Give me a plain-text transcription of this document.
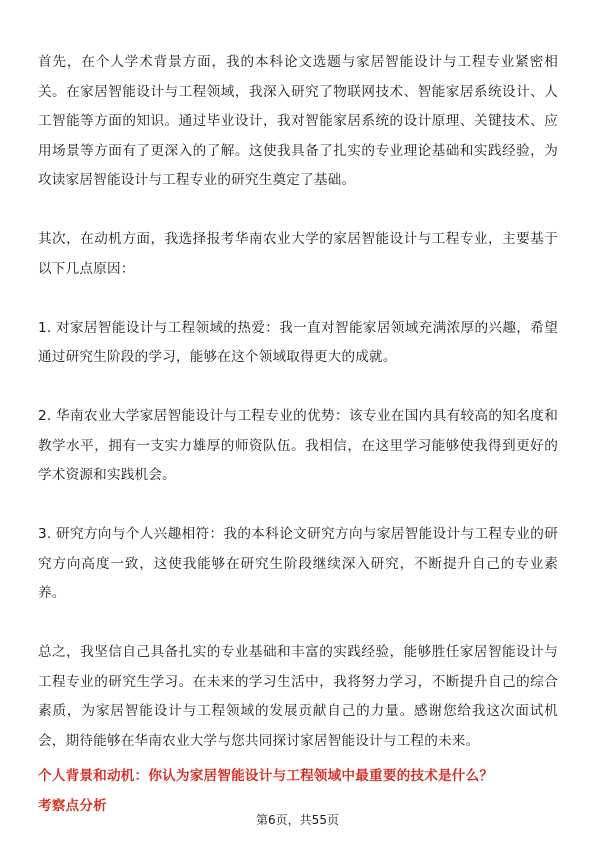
首先，在个人学术背景方面，我的本科论文选题与家居智能设计与工程专业紧密相关。在家居智能设计与工程领域，我深入研究了物联网技术、智能家居系统设计、人工智能等方面的知识。通过毕业设计，我对智能家居系统的设计原理、关键技术、应用场景等方面有了更深入的了解。这使我具备了扎实的专业理论基础和实践经验，为攻读家居智能设计与工程专业的研究生奠定了基础。

其次，在动机方面，我选择报考华南农业大学的家居智能设计与工程专业，主要基于以下几点原因：

1. 对家居智能设计与工程领域的热爱：我一直对智能家居领域充满浓厚的兴趣，希望通过研究生阶段的学习，能够在这个领域取得更大的成就。

2. 华南农业大学家居智能设计与工程专业的优势：该专业在国内具有较高的知名度和教学水平，拥有一支实力雄厚的师资队伍。我相信，在这里学习能够使我得到更好的学术资源和实践机会。

3. 研究方向与个人兴趣相符：我的本科论文研究方向与家居智能设计与工程专业的研究方向高度一致，这使我能够在研究生阶段继续深入研究，不断提升自己的专业素养。

总之，我坚信自己具备扎实的专业基础和丰富的实践经验，能够胜任家居智能设计与工程专业的研究生学习。在未来的学习生活中，我将努力学习，不断提升自己的综合素质，为家居智能设计与工程领域的发展贡献自己的力量。感谢您给我这次面试机会，期待能够在华南农业大学与您共同探讨家居智能设计与工程的未来。

个人背景和动机：你认为家居智能设计与工程领域中最重要的技术是什么？

考察点分析

第6页，共55页
